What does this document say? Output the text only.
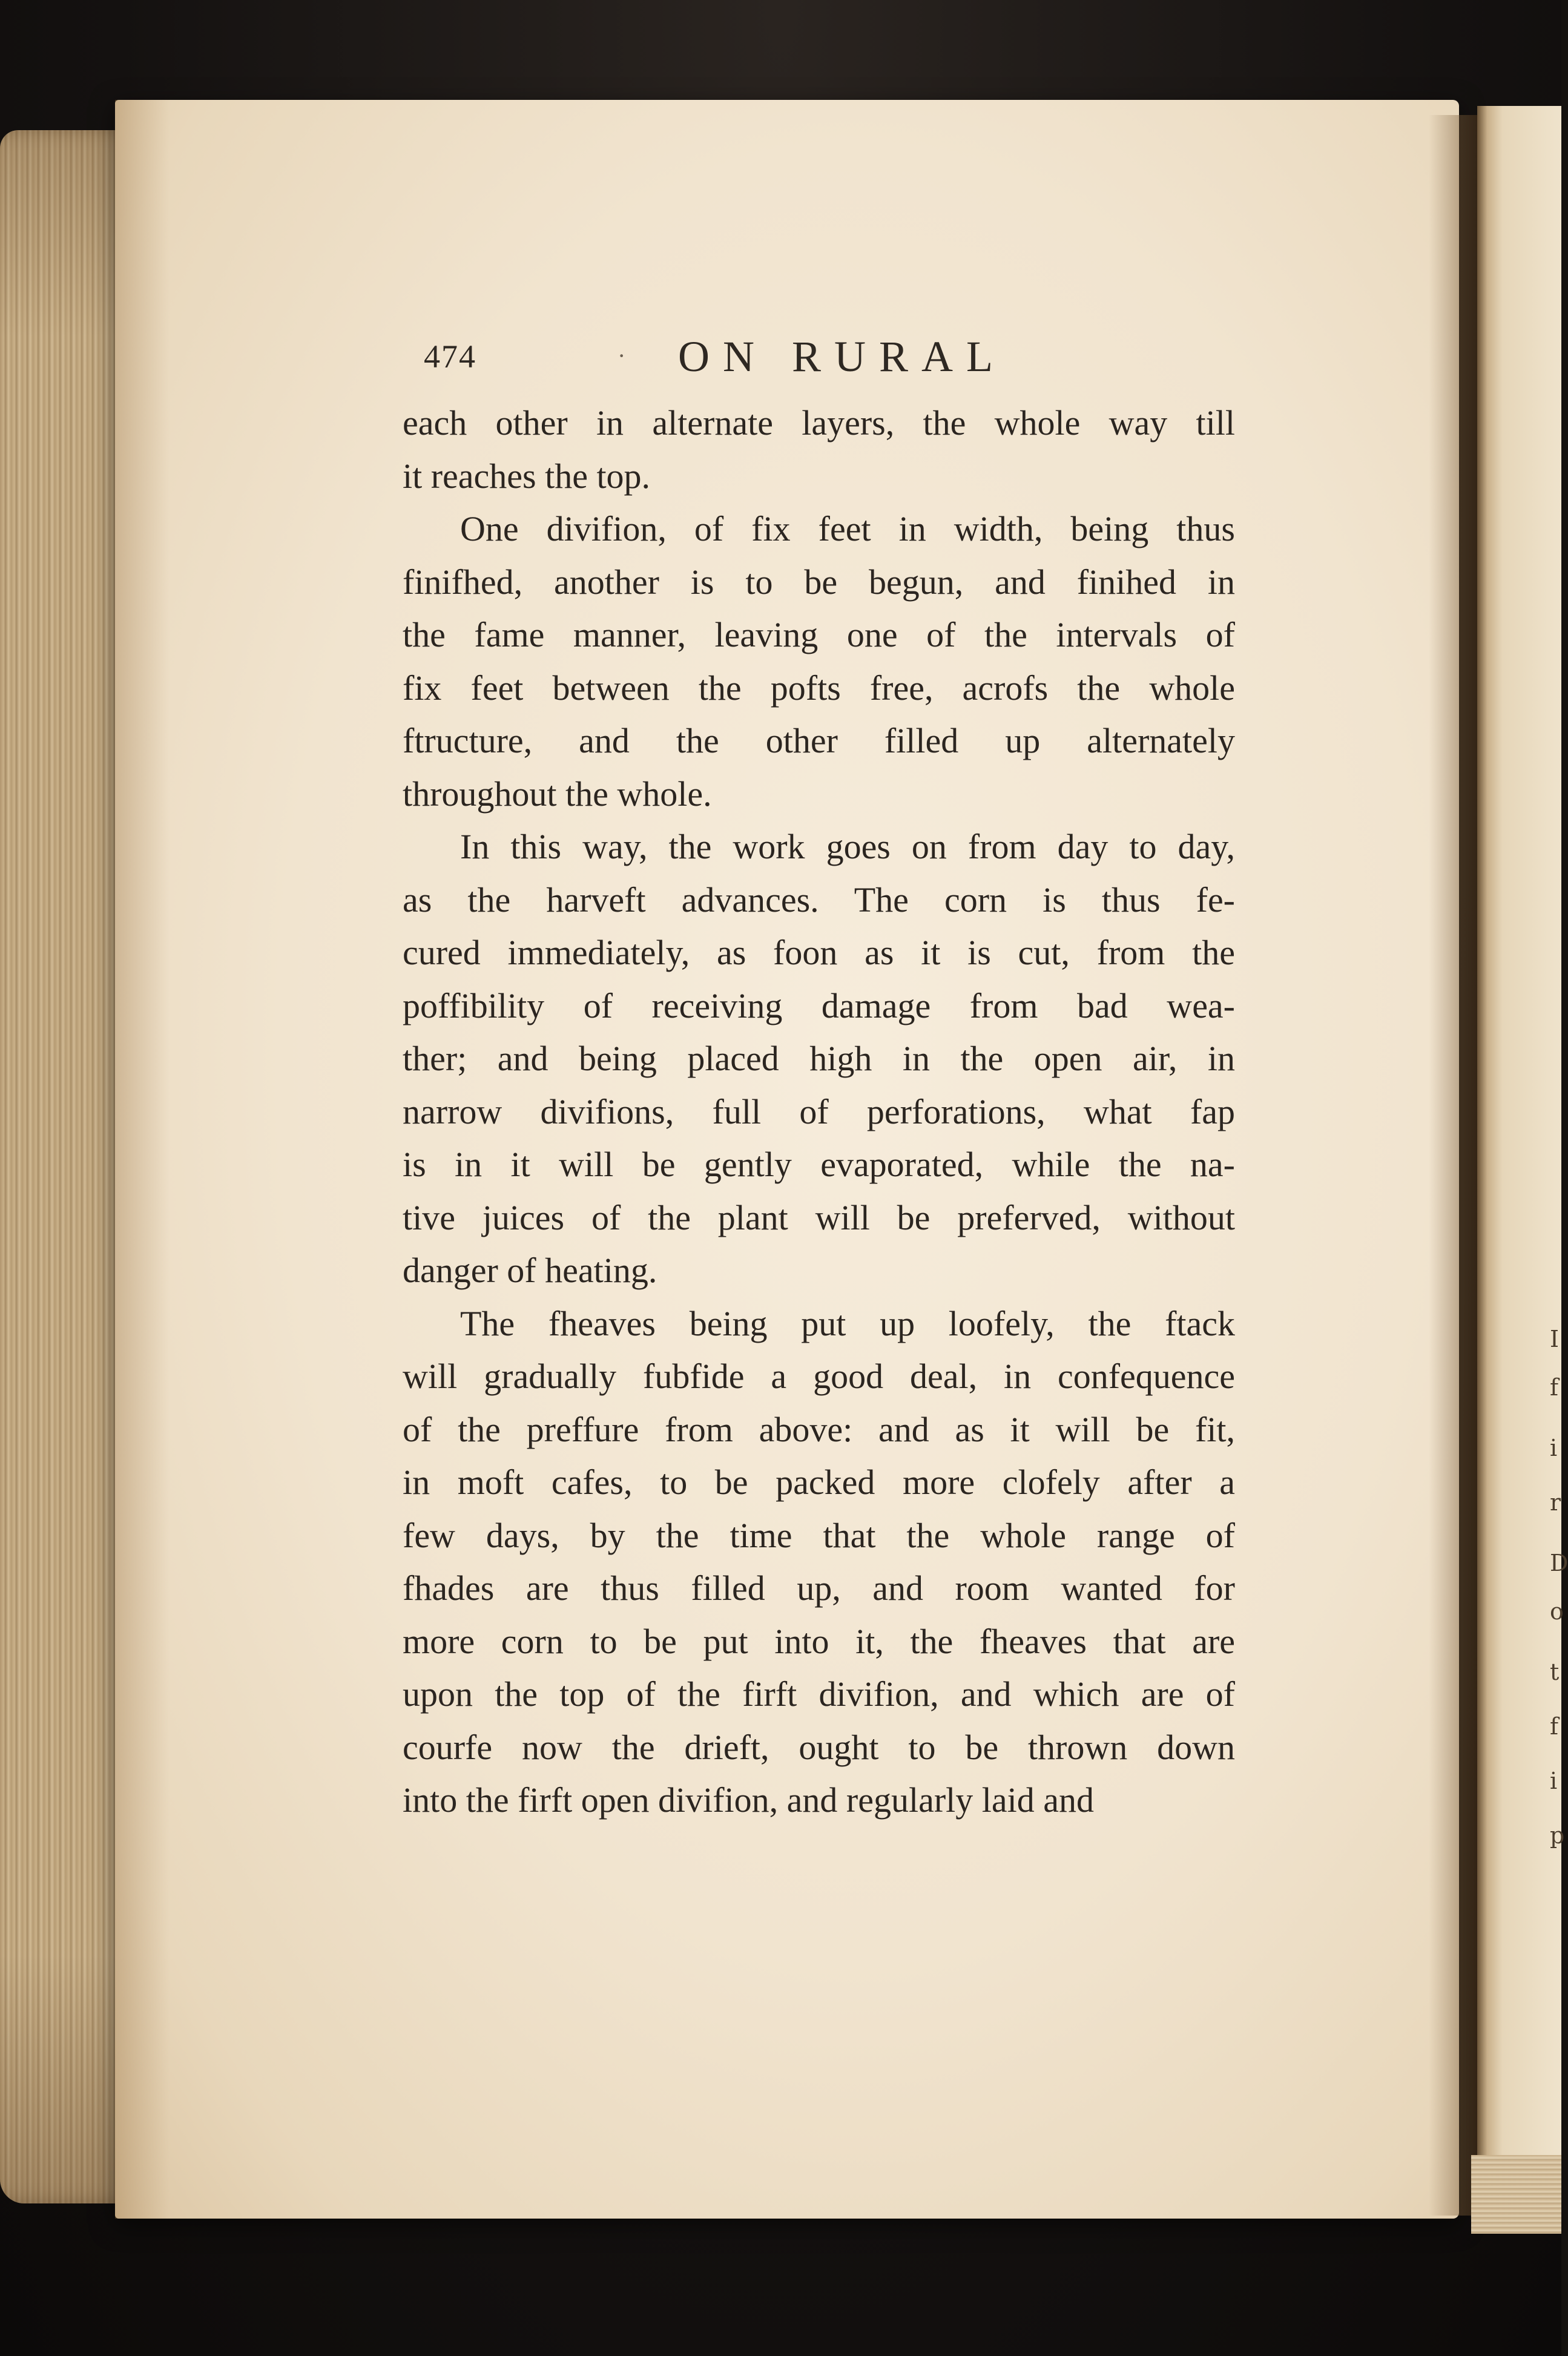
I
f
i
r
D
o
t
f
i
p
474	· ON RURAL

each other in alternate layers, the whole way till
it reaches the top.

One divifion, of fix feet in width, being thus
finifhed, another is to be begun, and finihed in
the fame manner, leaving one of the intervals of
fix feet between the pofts free, acrofs the whole
ftructure, and the other filled up alternately
throughout the whole.

In this way, the work goes on from day to day,
as the harveft advances. The corn is thus fe-
cured immediately, as foon as it is cut, from the
poffibility of receiving damage from bad wea-
ther; and being placed high in the open air, in
narrow divifions, full of perforations, what fap
is in it will be gently evaporated, while the na-
tive juices of the plant will be preferved, without
danger of heating.

The fheaves being put up loofely, the ftack
will gradually fubfide a good deal, in confequence
of the preffure from above: and as it will be fit,
in moft cafes, to be packed more clofely after a
few days, by the time that the whole range of
fhades are thus filled up, and room wanted for
more corn to be put into it, the fheaves that are
upon the top of the firft divifion, and which are of
courfe now the drieft, ought to be thrown down
into the firft open divifion, and regularly laid and
